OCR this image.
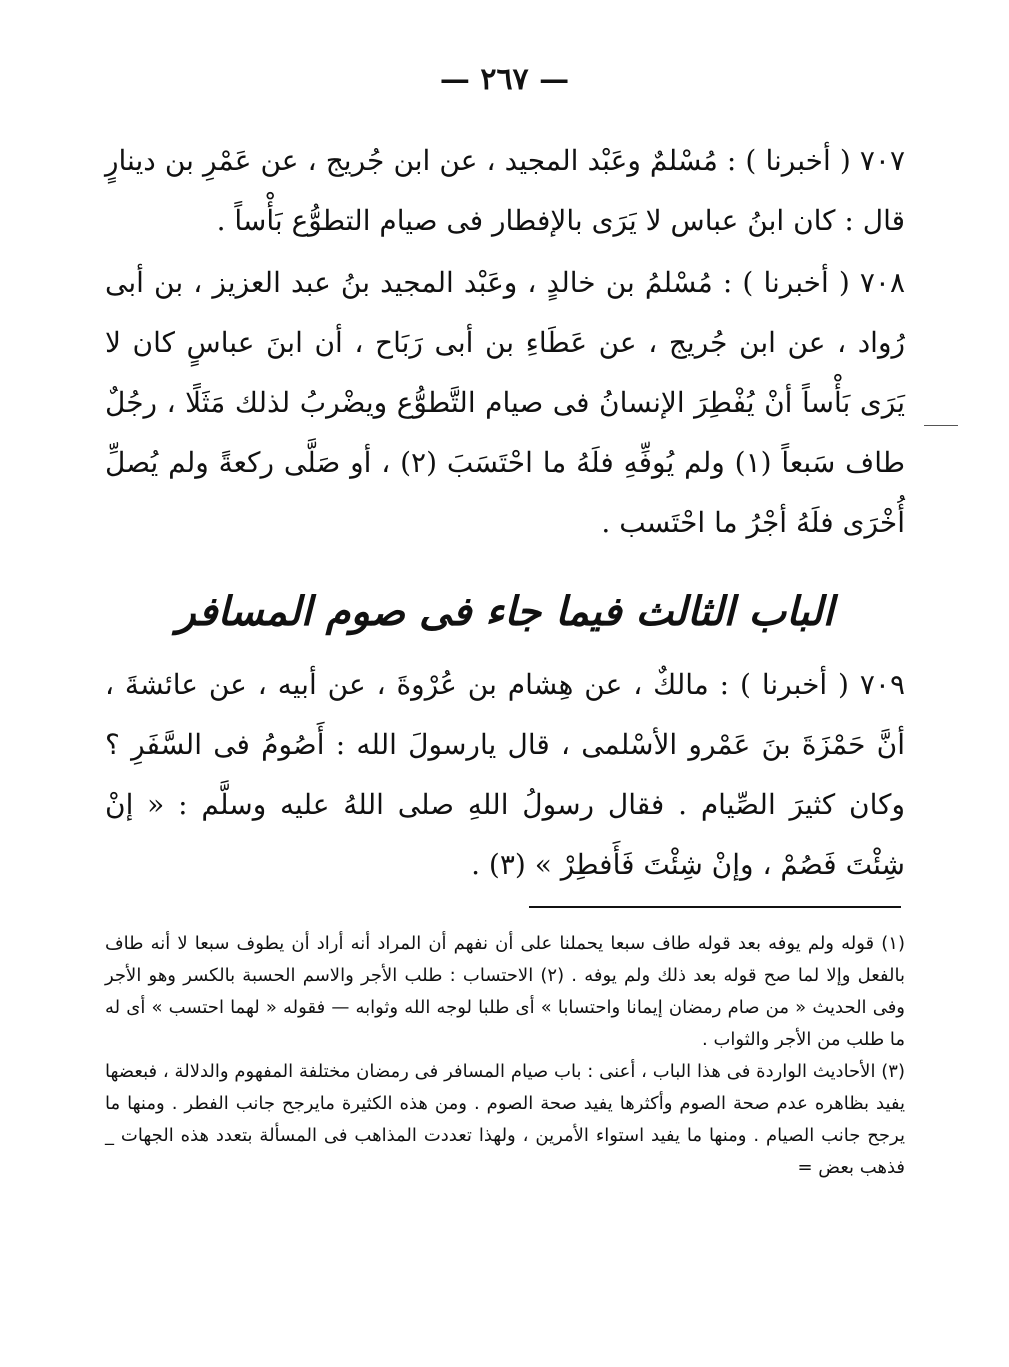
— ٢٦٧ —
٧٠٧ ( أخبرنا ) : مُسْلمٌ وعَبْد المجيد ، عن ابن جُريج ، عن عَمْرِ بن دينارٍ قال : كان ابنُ عباس لا يَرَى بالإفطار فى صيام التطوُّع بَأْساً .
٧٠٨ ( أخبرنا ) : مُسْلمُ بن خالدٍ ، وعَبْد المجيد بنُ عبد العزيز ، بن أبى رُواد ، عن ابن جُريج ، عن عَطَاءِ بن أبى رَبَاح ، أن ابنَ عباسٍ كان لا يَرَى بَأْساً أنْ يُفْطِرَ الإنسانُ فى صيام التَّطوُّع ويضْربُ لذلك مَثَلًا ، رجُلٌ طاف سَبعاً (١) ولم يُوفِّهِ فلَهُ ما احْتَسَبَ (٢) ، أو صَلَّى ركعةً ولم يُصلِّ أُخْرَى فلَهُ أجْرُ ما احْتَسب .
الباب الثالث فيما جاء فى صوم المسافر
٧٠٩ ( أخبرنا ) : مالكٌ ، عن هِشام بن عُرْوةَ ، عن أبيه ، عن عائشةَ ، أنَّ حَمْزَةَ بنَ عَمْرو الأسْلمى ، قال يارسولَ الله : أَصُومُ فى السَّفَرِ ؟ وكان كثيرَ الصِّيام . فقال رسولُ اللهِ صلى اللهُ عليه وسلَّم : « إنْ شِئْتَ فَصُمْ ، وإنْ شِئْتَ فَأَفطِرْ » (٣) .

(١) قوله ولم يوفه بعد قوله طاف سبعا يحملنا على أن نفهم أن المراد أنه أراد أن يطوف سبعا لا أنه طاف بالفعل وإلا لما صح قوله بعد ذلك ولم يوفه . (٢) الاحتساب : طلب الأجر والاسم الحسبة بالكسر وهو الأجر وفى الحديث « من صام رمضان إيمانا واحتسابا » أى طلبا لوجه الله وثوابه — فقوله « لهما احتسب » أى له ما طلب من الأجر والثواب .

(٣) الأحاديث الواردة فى هذا الباب ، أعنى : باب صيام المسافر فى رمضان مختلفة المفهوم والدلالة ، فبعضها يفيد بظاهره عدم صحة الصوم وأكثرها يفيد صحة الصوم . ومن هذه الكثيرة مايرجح جانب الفطر . ومنها ما يرجح جانب الصيام . ومنها ما يفيد استواء الأمرين ، ولهذا تعددت المذاهب فى المسألة بتعدد هذه الجهات _ فذهب بعض =
